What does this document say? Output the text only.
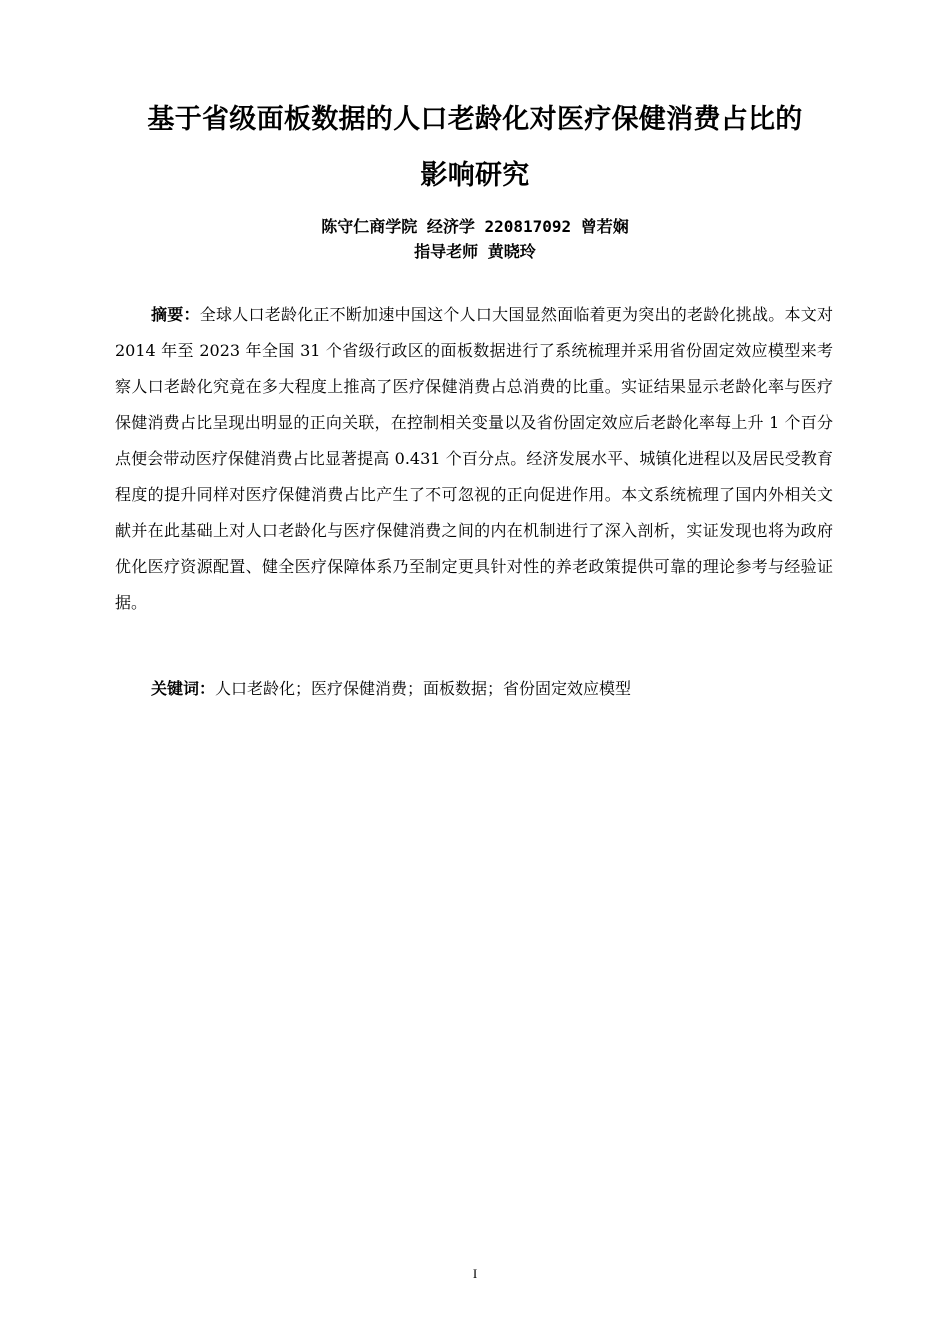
基于省级面板数据的人口老龄化对医疗保健消费占比的
影响研究
陈守仁商学院 经济学 220817092 曾若娴
指导老师 黄晓玲

摘要：全球人口老龄化正不断加速中国这个人口大国显然面临着更为突出的老龄化挑战。本文对 2014 年至 2023 年全国 31 个省级行政区的面板数据进行了系统梳理并采用省份固定效应模型来考察人口老龄化究竟在多大程度上推高了医疗保健消费占总消费的比重。实证结果显示老龄化率与医疗保健消费占比呈现出明显的正向关联，在控制相关变量以及省份固定效应后老龄化率每上升 1 个百分点便会带动医疗保健消费占比显著提高 0.431 个百分点。经济发展水平、城镇化进程以及居民受教育程度的提升同样对医疗保健消费占比产生了不可忽视的正向促进作用。本文系统梳理了国内外相关文献并在此基础上对人口老龄化与医疗保健消费之间的内在机制进行了深入剖析，实证发现也将为政府优化医疗资源配置、健全医疗保障体系乃至制定更具针对性的养老政策提供可靠的理论参考与经验证据。

关键词：人口老龄化；医疗保健消费；面板数据；省份固定效应模型

I
